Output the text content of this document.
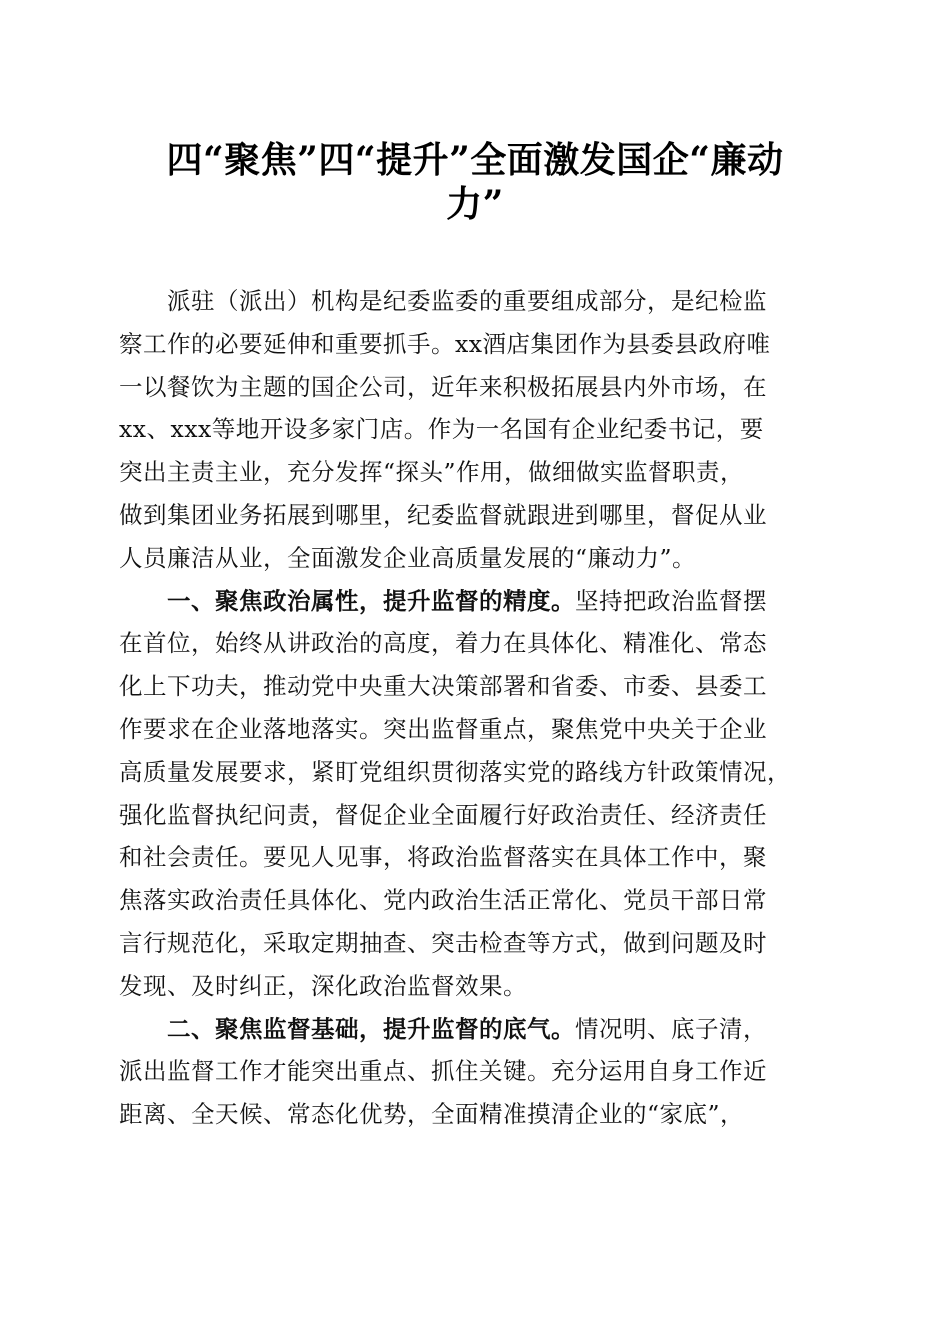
四“聚焦”四“提升”全面激发国企“廉动
力”

派驻（派出）机构是纪委监委的重要组成部分，是纪检监
察工作的必要延伸和重要抓手。xx酒店集团作为县委县政府唯
一以餐饮为主题的国企公司，近年来积极拓展县内外市场，在
xx、xxx等地开设多家门店。作为一名国有企业纪委书记，要
突出主责主业，充分发挥“探头”作用，做细做实监督职责，
做到集团业务拓展到哪里，纪委监督就跟进到哪里，督促从业
人员廉洁从业，全面激发企业高质量发展的“廉动力”。

一、聚焦政治属性，提升监督的精度。坚持把政治监督摆
在首位，始终从讲政治的高度，着力在具体化、精准化、常态
化上下功夫，推动党中央重大决策部署和省委、市委、县委工
作要求在企业落地落实。突出监督重点，聚焦党中央关于企业
高质量发展要求，紧盯党组织贯彻落实党的路线方针政策情况，
强化监督执纪问责，督促企业全面履行好政治责任、经济责任
和社会责任。要见人见事，将政治监督落实在具体工作中，聚
焦落实政治责任具体化、党内政治生活正常化、党员干部日常
言行规范化，采取定期抽查、突击检查等方式，做到问题及时
发现、及时纠正，深化政治监督效果。

二、聚焦监督基础，提升监督的底气。情况明、底子清，
派出监督工作才能突出重点、抓住关键。充分运用自身工作近
距离、全天候、常态化优势，全面精准摸清企业的“家底”，
